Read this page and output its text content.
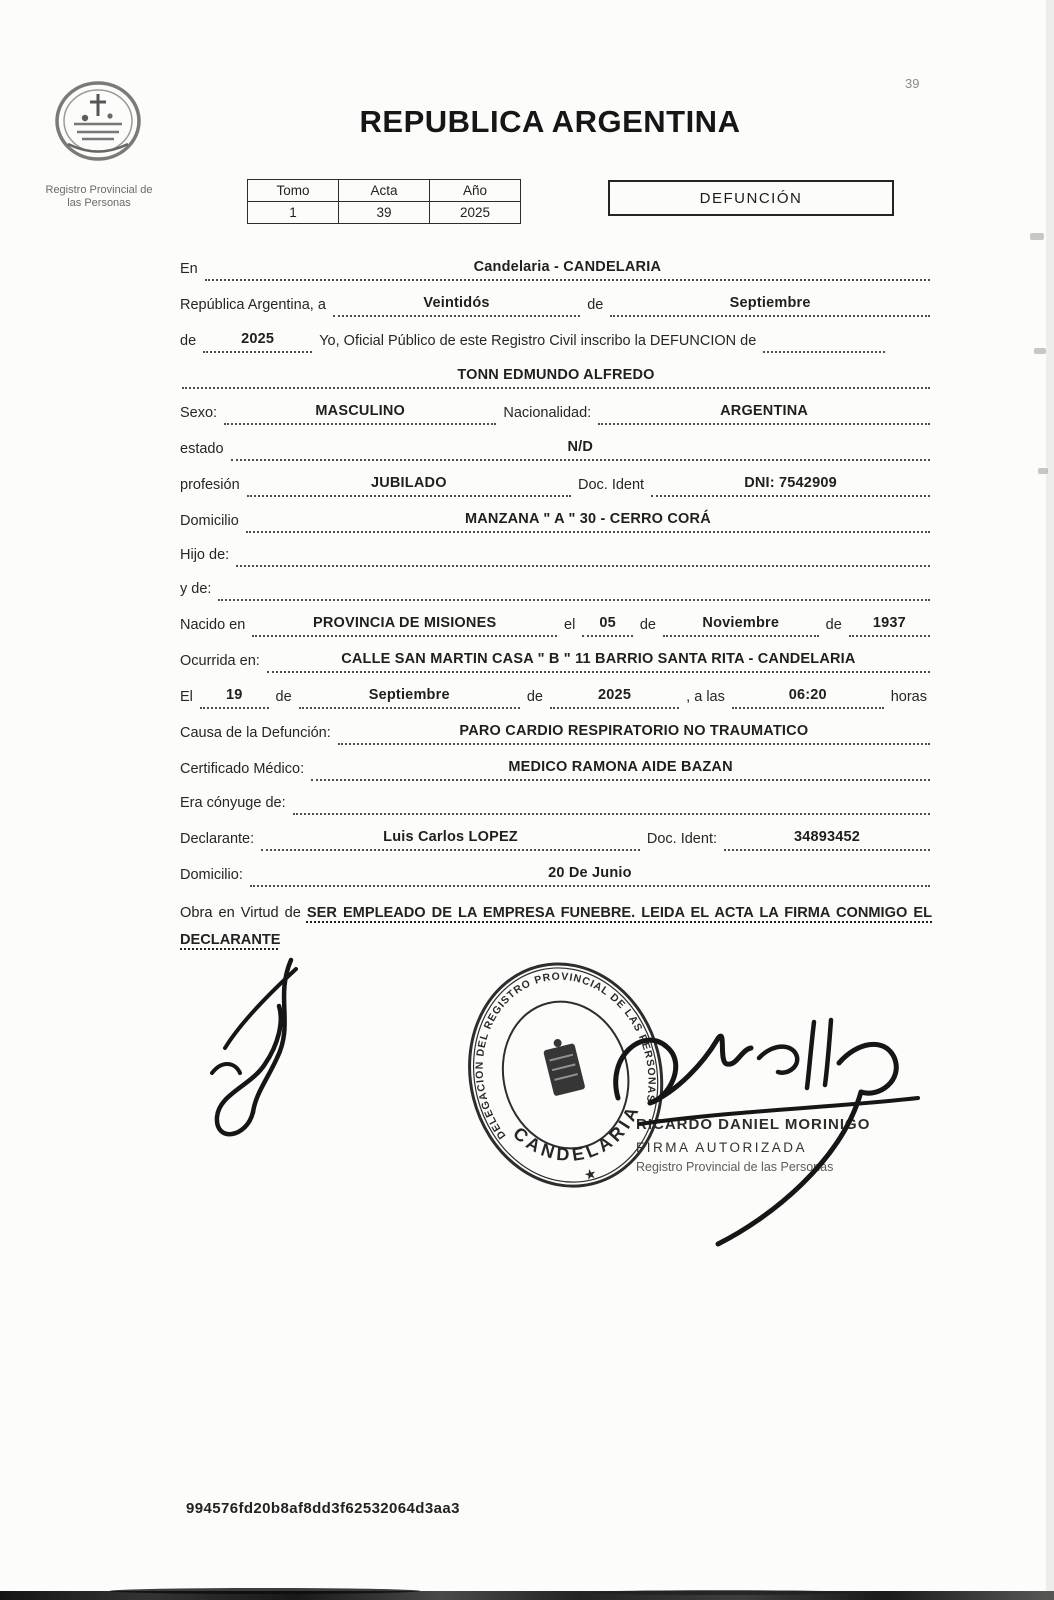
39
Registro Provincial de
las Personas
REPUBLICA ARGENTINA
Tomo	Acta	Año
1	39	2025
DEFUNCIÓN
En	Candelaria - CANDELARIA
República Argentina, a	Veintidós	de	Septiembre
de	2025	Yo, Oficial Público de este Registro Civil inscribo la DEFUNCION de
TONN EDMUNDO ALFREDO
Sexo:	MASCULINO	Nacionalidad:	ARGENTINA
estado	N/D
profesión	JUBILADO	Doc. Ident	DNI: 7542909
Domicilio	MANZANA " A " 30 - CERRO CORÁ
Hijo de:
y de:
Nacido en	PROVINCIA DE MISIONES	el	05	de	Noviembre	de	1937
Ocurrida en:	CALLE SAN MARTIN CASA " B " 11 BARRIO SANTA RITA - CANDELARIA
El	19	de	Septiembre	de	2025	, a las	06:20	horas
Causa de la Defunción:	PARO CARDIO RESPIRATORIO NO TRAUMATICO
Certificado Médico:	MEDICO RAMONA AIDE BAZAN
Era cónyuge de:
Declarante:	Luis Carlos LOPEZ	Doc. Ident:	34893452
Domicilio:	20 De Junio

Obra en Virtud de SER EMPLEADO DE LA EMPRESA FUNEBRE. LEIDA EL ACTA LA FIRMA CONMIGO EL DECLARANTE

DELEGACION DEL REGISTRO PROVINCIAL DE LAS PERSONAS
CANDELARIA
★
RICARDO DANIEL MORINIGO
FIRMA AUTORIZADA
Registro Provincial de las Personas
994576fd20b8af8dd3f62532064d3aa3
